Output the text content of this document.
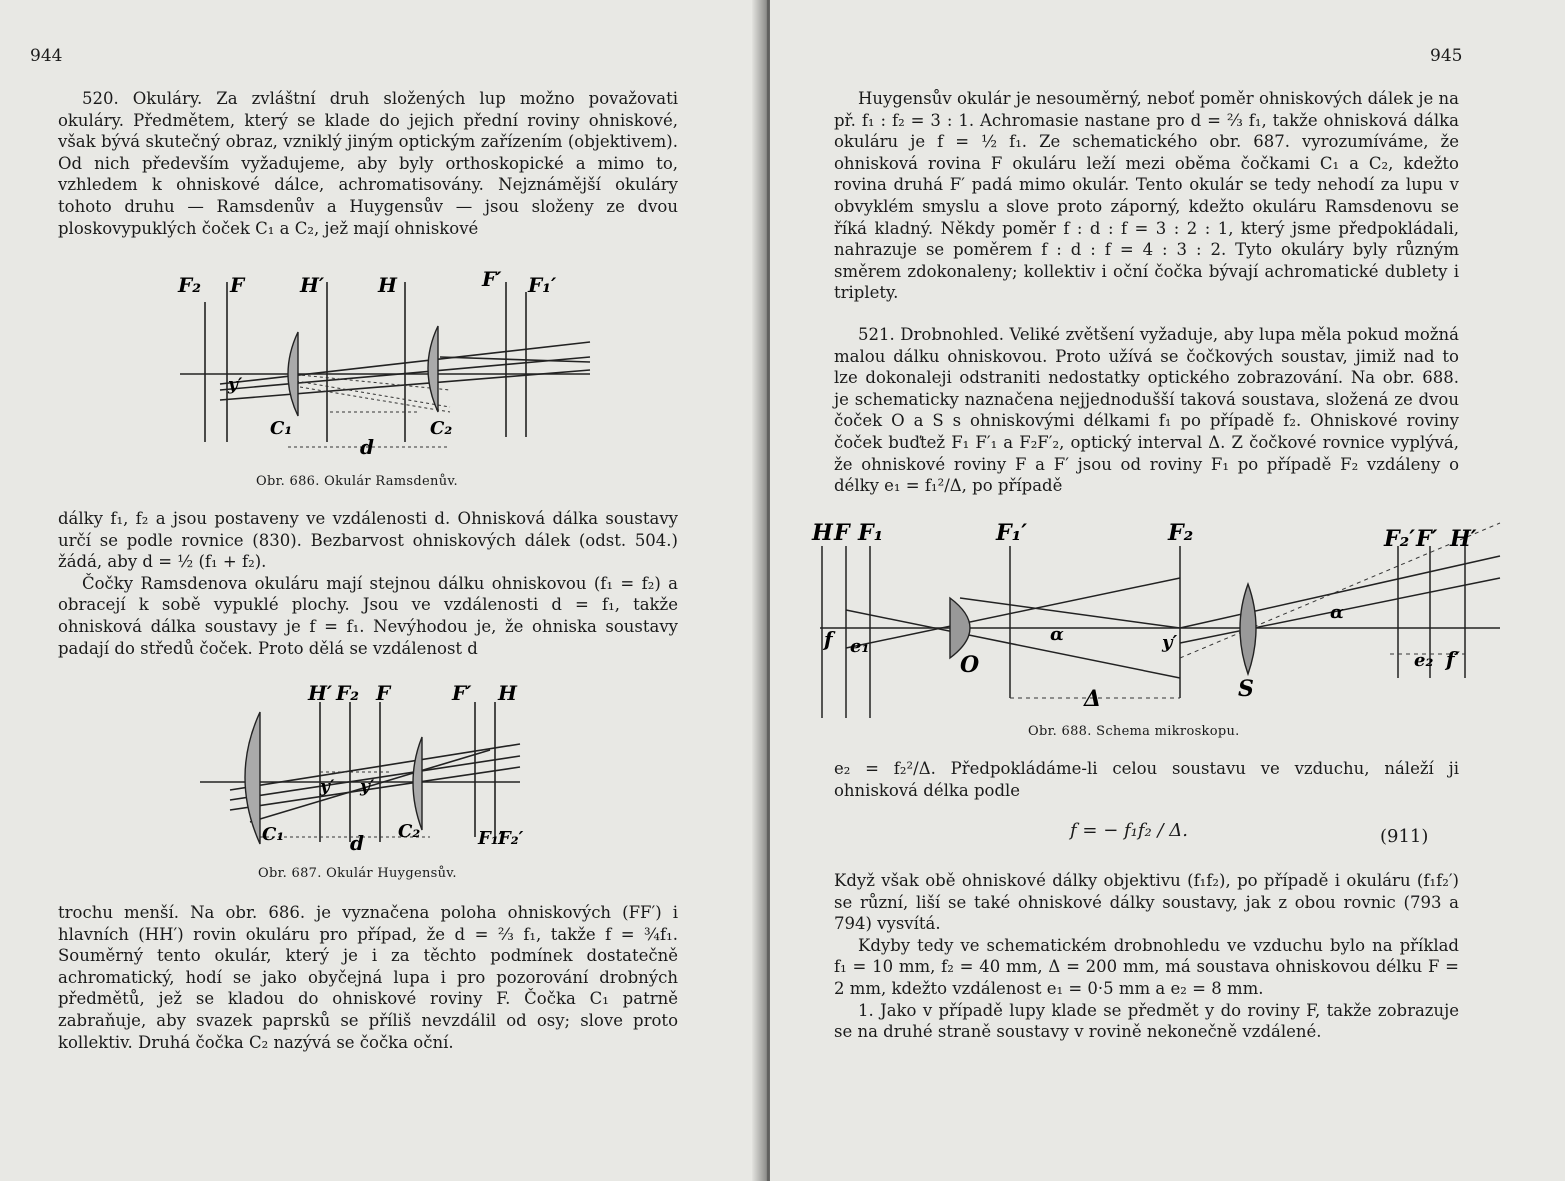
944

520. Okuláry. Za zvláštní druh složených lup možno považovati okuláry. Předmětem, který se klade do jejich přední roviny ohniskové, však bývá skutečný obraz, vzniklý jiným optickým zařízením (objektivem). Od nich především vyžadujeme, aby byly orthoskopické a mimo to, vzhledem k ohniskové dálce, achromatisovány. Nejznámější okuláry tohoto druhu — Ramsdenův a Huygensův — jsou složeny ze dvou ploskovypuklých čoček C₁ a C₂, jež mají ohniskové

F₂ F	H′	H	F′ F₁′
y′
C₁	C₂
d
Obr. 686. Okulár Ramsdenův.

dálky f₁, f₂ a jsou postaveny ve vzdálenosti d. Ohnisková dálka soustavy určí se podle rovnice (830). Bezbarvost ohniskových dálek (odst. 504.) žádá, aby d = ½ (f₁ + f₂).

Čočky Ramsdenova okuláru mají stejnou dálku ohniskovou (f₁ = f₂) a obracejí k sobě vypuklé plochy. Jsou ve vzdálenosti d = f₁, takže ohnisková dálka soustavy je f = f₁. Nevýhodou je, že ohniska soustavy padají do středů čoček. Proto dělá se vzdálenost d

H′ F₂ F	F′ H
y′ y′
C₁	C₂
d	F₁′
F₂′
Obr. 687. Okulár Huygensův.

trochu menší. Na obr. 686. je vyznačena poloha ohniskových (FF′) i hlavních (HH′) rovin okuláru pro případ, že d = ⅔ f₁, takže f = ¾f₁. Souměrný tento okulár, který je i za těchto podmínek dostatečně achromatický, hodí se jako obyčejná lupa i pro pozorování drobných předmětů, jež se kladou do ohniskové roviny F. Čočka C₁ patrně zabraňuje, aby svazek paprsků se příliš nevzdálil od osy; slove proto kollektiv. Druhá čočka C₂ nazývá se čočka oční.

945

Huygensův okulár je nesouměrný, neboť poměr ohniskových dálek je na př. f₁ : f₂ = 3 : 1. Achromasie nastane pro d = ⅔ f₁, takže ohnisková dálka okuláru je f = ½ f₁. Ze schematického obr. 687. vyrozumíváme, že ohnisková rovina F okuláru leží mezi oběma čočkami C₁ a C₂, kdežto rovina druhá F′ padá mimo okulár. Tento okulár se tedy nehodí za lupu v obvyklém smyslu a slove proto záporný, kdežto okuláru Ramsdenovu se říká kladný. Někdy poměr f : d : f = 3 : 2 : 1, který jsme předpokládali, nahrazuje se poměrem f : d : f = 4 : 3 : 2. Tyto okuláry byly různým směrem zdokonaleny; kollektiv i oční čočka bývají achromatické dublety i triplety.

521. Drobnohled. Veliké zvětšení vyžaduje, aby lupa měla pokud možná malou dálku ohniskovou. Proto užívá se čočkových soustav, jimiž nad to lze dokonaleji odstraniti nedostatky optického zobrazování. Na obr. 688. je schematicky naznačena nejjednodušší taková soustava, složená ze dvou čoček O a S s ohniskovými délkami f₁ po případě f₂. Ohniskové roviny čoček buďtež F₁ F′₁ a F₂F′₂, optický interval Δ. Z čočkové rovnice vyplývá, že ohniskové roviny F a F′ jsou od roviny F₁ po případě F₂ vzdáleny o délky e₁ = f₁²/Δ, po případě

H F F₁	F₁′	F₂	F₂′ F′ H′
f e₁
O
α
α
y′
Δ	S
e₂ f′
Obr. 688. Schema mikroskopu.

e₂ = f₂²/Δ. Předpokládáme-li celou soustavu ve vzduchu, náleží ji ohnisková délka podle

f = − f₁f₂ / Δ.	(911)

Když však obě ohniskové dálky objektivu (f₁f₂), po případě i okuláru (f₁f₂′) se různí, liší se také ohniskové dálky soustavy, jak z obou rovnic (793 a 794) vysvítá.

Kdyby tedy ve schematickém drobnohledu ve vzduchu bylo na příklad f₁ = 10 mm, f₂ = 40 mm, Δ = 200 mm, má soustava ohniskovou délku F = 2 mm, kdežto vzdálenost e₁ = 0·5 mm a e₂ = 8 mm.

1. Jako v případě lupy klade se předmět y do roviny F, takže zobrazuje se na druhé straně soustavy v rovině nekonečně vzdálené.
